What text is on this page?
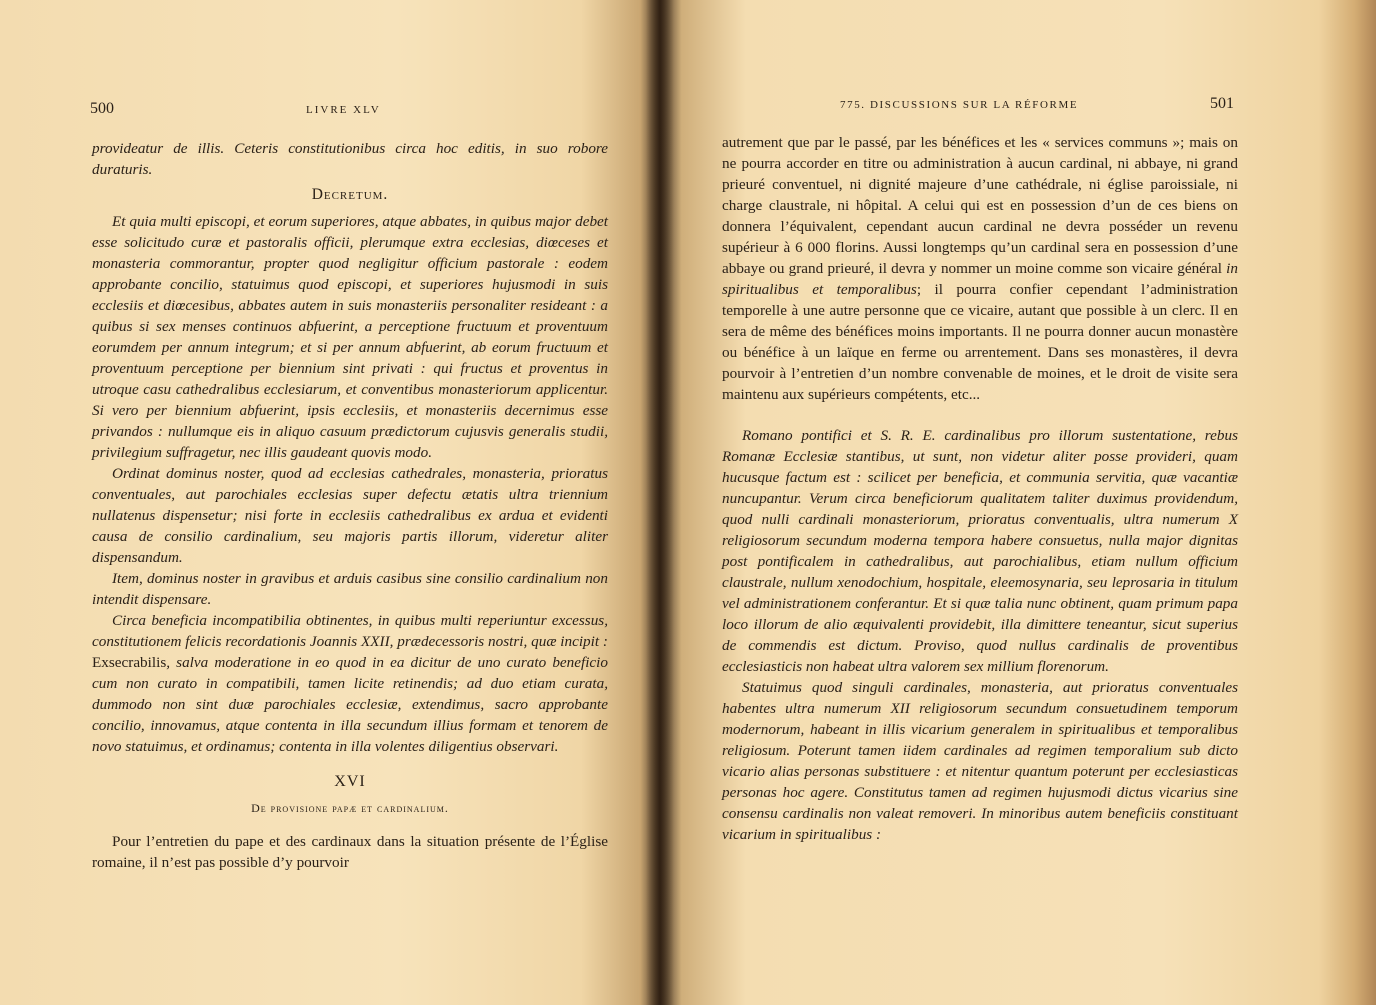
500	LIVRE XLV

provideatur de illis. Ceteris constitutionibus circa hoc editis, in suo robore duraturis.

Decretum.

Et quia multi episcopi, et eorum superiores, atque abbates, in quibus major debet esse solicitudo curæ et pastoralis officii, plerumque extra ecclesias, diœceses et monasteria commorantur, propter quod negligitur officium pastorale : eodem approbante concilio, statuimus quod episcopi, et superiores hujusmodi in suis ecclesiis et diœcesibus, abbates autem in suis monasteriis personaliter resideant : a quibus si sex menses continuos abfuerint, a perceptione fructuum et proventuum eorumdem per annum integrum; et si per annum abfuerint, ab eorum fructuum et proventuum perceptione per biennium sint privati : qui fructus et proventus in utroque casu cathedralibus ecclesiarum, et conventibus monasteriorum applicentur. Si vero per biennium abfuerint, ipsis ecclesiis, et monasteriis decernimus esse privandos : nullumque eis in aliquo casuum prædictorum cujusvis generalis studii, privilegium suffragetur, nec illis gaudeant quovis modo.

Ordinat dominus noster, quod ad ecclesias cathedrales, monasteria, prioratus conventuales, aut parochiales ecclesias super defectu ætatis ultra triennium nullatenus dispensetur; nisi forte in ecclesiis cathedralibus ex ardua et evidenti causa de consilio cardinalium, seu majoris partis illorum, videretur aliter dispensandum.

Item, dominus noster in gravibus et arduis casibus sine consilio cardinalium non intendit dispensare.

Circa beneficia incompatibilia obtinentes, in quibus multi reperiuntur excessus, constitutionem felicis recordationis Joannis XXII, prædecessoris nostri, quæ incipit : Exsecrabilis, salva moderatione in eo quod in ea dicitur de uno curato beneficio cum non curato in compatibili, tamen licite retinendis; ad duo etiam curata, dummodo non sint duæ parochiales ecclesiæ, extendimus, sacro approbante concilio, innovamus, atque contenta in illa secundum illius formam et tenorem de novo statuimus, et ordinamus; contenta in illa volentes diligentius observari.

XVI

De provisione papæ et cardinalium.

Pour l’entretien du pape et des cardinaux dans la situation présente de l’Église romaine, il n’est pas possible d’y pourvoir

775. DISCUSSIONS SUR LA RÉFORME	501

autrement que par le passé, par les bénéfices et les « services communs »; mais on ne pourra accorder en titre ou administration à aucun cardinal, ni abbaye, ni grand prieuré conventuel, ni dignité majeure d’une cathédrale, ni église paroissiale, ni charge claustrale, ni hôpital. A celui qui est en possession d’un de ces biens on donnera l’équivalent, cependant aucun cardinal ne devra posséder un revenu supérieur à 6 000 florins. Aussi longtemps qu’un cardinal sera en possession d’une abbaye ou grand prieuré, il devra y nommer un moine comme son vicaire général in spiritualibus et temporalibus; il pourra confier cependant l’administration temporelle à une autre personne que ce vicaire, autant que possible à un clerc. Il en sera de même des bénéfices moins importants. Il ne pourra donner aucun monastère ou bénéfice à un laïque en ferme ou arrentement. Dans ses monastères, il devra pourvoir à l’entretien d’un nombre convenable de moines, et le droit de visite sera maintenu aux supérieurs compétents, etc...

Romano pontifici et S. R. E. cardinalibus pro illorum sustentatione, rebus Romanæ Ecclesiæ stantibus, ut sunt, non videtur aliter posse provideri, quam hucusque factum est : scilicet per beneficia, et communia servitia, quæ vacantiæ nuncupantur. Verum circa beneficiorum qualitatem taliter duximus providendum, quod nulli cardinali monasteriorum, prioratus conventualis, ultra numerum X religiosorum secundum moderna tempora habere consuetus, nulla major dignitas post pontificalem in cathedralibus, aut parochialibus, etiam nullum officium claustrale, nullum xenodochium, hospitale, eleemosynaria, seu leprosaria in titulum vel administrationem conferantur. Et si quæ talia nunc obtinent, quam primum papa loco illorum de alio æquivalenti providebit, illa dimittere teneantur, sicut superius de commendis est dictum. Proviso, quod nullus cardinalis de proventibus ecclesiasticis non habeat ultra valorem sex millium florenorum.

Statuimus quod singuli cardinales, monasteria, aut prioratus conventuales habentes ultra numerum XII religiosorum secundum consuetudinem temporum modernorum, habeant in illis vicarium generalem in spiritualibus et temporalibus religiosum. Poterunt tamen iidem cardinales ad regimen temporalium sub dicto vicario alias personas substituere : et nitentur quantum poterunt per ecclesiasticas personas hoc agere. Constitutus tamen ad regimen hujusmodi dictus vicarius sine consensu cardinalis non valeat removeri. In minoribus autem beneficiis constituant vicarium in spiritualibus :
